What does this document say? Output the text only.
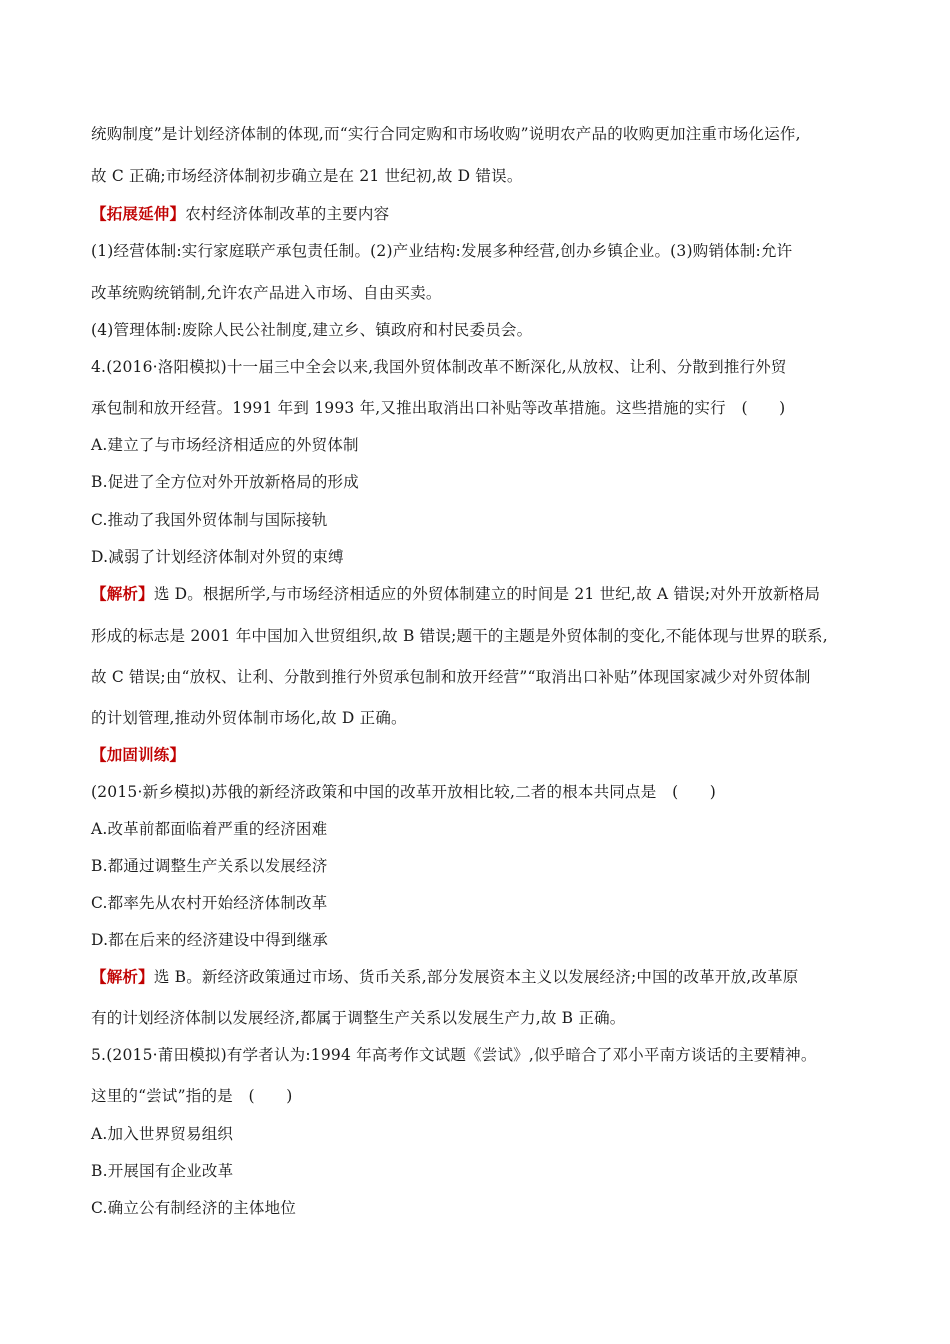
统购制度”是计划经济体制的体现,而“实行合同定购和市场收购”说明农产品的收购更加注重市场化运作,
故 C 正确;市场经济体制初步确立是在 21 世纪初,故 D 错误。
【拓展延伸】农村经济体制改革的主要内容
(1)经营体制:实行家庭联产承包责任制。(2)产业结构:发展多种经营,创办乡镇企业。(3)购销体制:允许
改革统购统销制,允许农产品进入市场、自由买卖。
(4)管理体制:废除人民公社制度,建立乡、镇政府和村民委员会。
4.(2016·洛阳模拟)十一届三中全会以来,我国外贸体制改革不断深化,从放权、让利、分散到推行外贸
承包制和放开经营。1991 年到 1993 年,又推出取消出口补贴等改革措施。这些措施的实行　(　　)
A.建立了与市场经济相适应的外贸体制
B.促进了全方位对外开放新格局的形成
C.推动了我国外贸体制与国际接轨
D.减弱了计划经济体制对外贸的束缚
【解析】选 D。根据所学,与市场经济相适应的外贸体制建立的时间是 21 世纪,故 A 错误;对外开放新格局
形成的标志是 2001 年中国加入世贸组织,故 B 错误;题干的主题是外贸体制的变化,不能体现与世界的联系,
故 C 错误;由“放权、让利、分散到推行外贸承包制和放开经营”“取消出口补贴”体现国家减少对外贸体制
的计划管理,推动外贸体制市场化,故 D 正确。
【加固训练】
(2015·新乡模拟)苏俄的新经济政策和中国的改革开放相比较,二者的根本共同点是　(　　)
A.改革前都面临着严重的经济困难
B.都通过调整生产关系以发展经济
C.都率先从农村开始经济体制改革
D.都在后来的经济建设中得到继承
【解析】选 B。新经济政策通过市场、货币关系,部分发展资本主义以发展经济;中国的改革开放,改革原
有的计划经济体制以发展经济,都属于调整生产关系以发展生产力,故 B 正确。
5.(2015·莆田模拟)有学者认为:1994 年高考作文试题《尝试》,似乎暗合了邓小平南方谈话的主要精神。
这里的“尝试”指的是　(　　)
A.加入世界贸易组织
B.开展国有企业改革
C.确立公有制经济的主体地位
